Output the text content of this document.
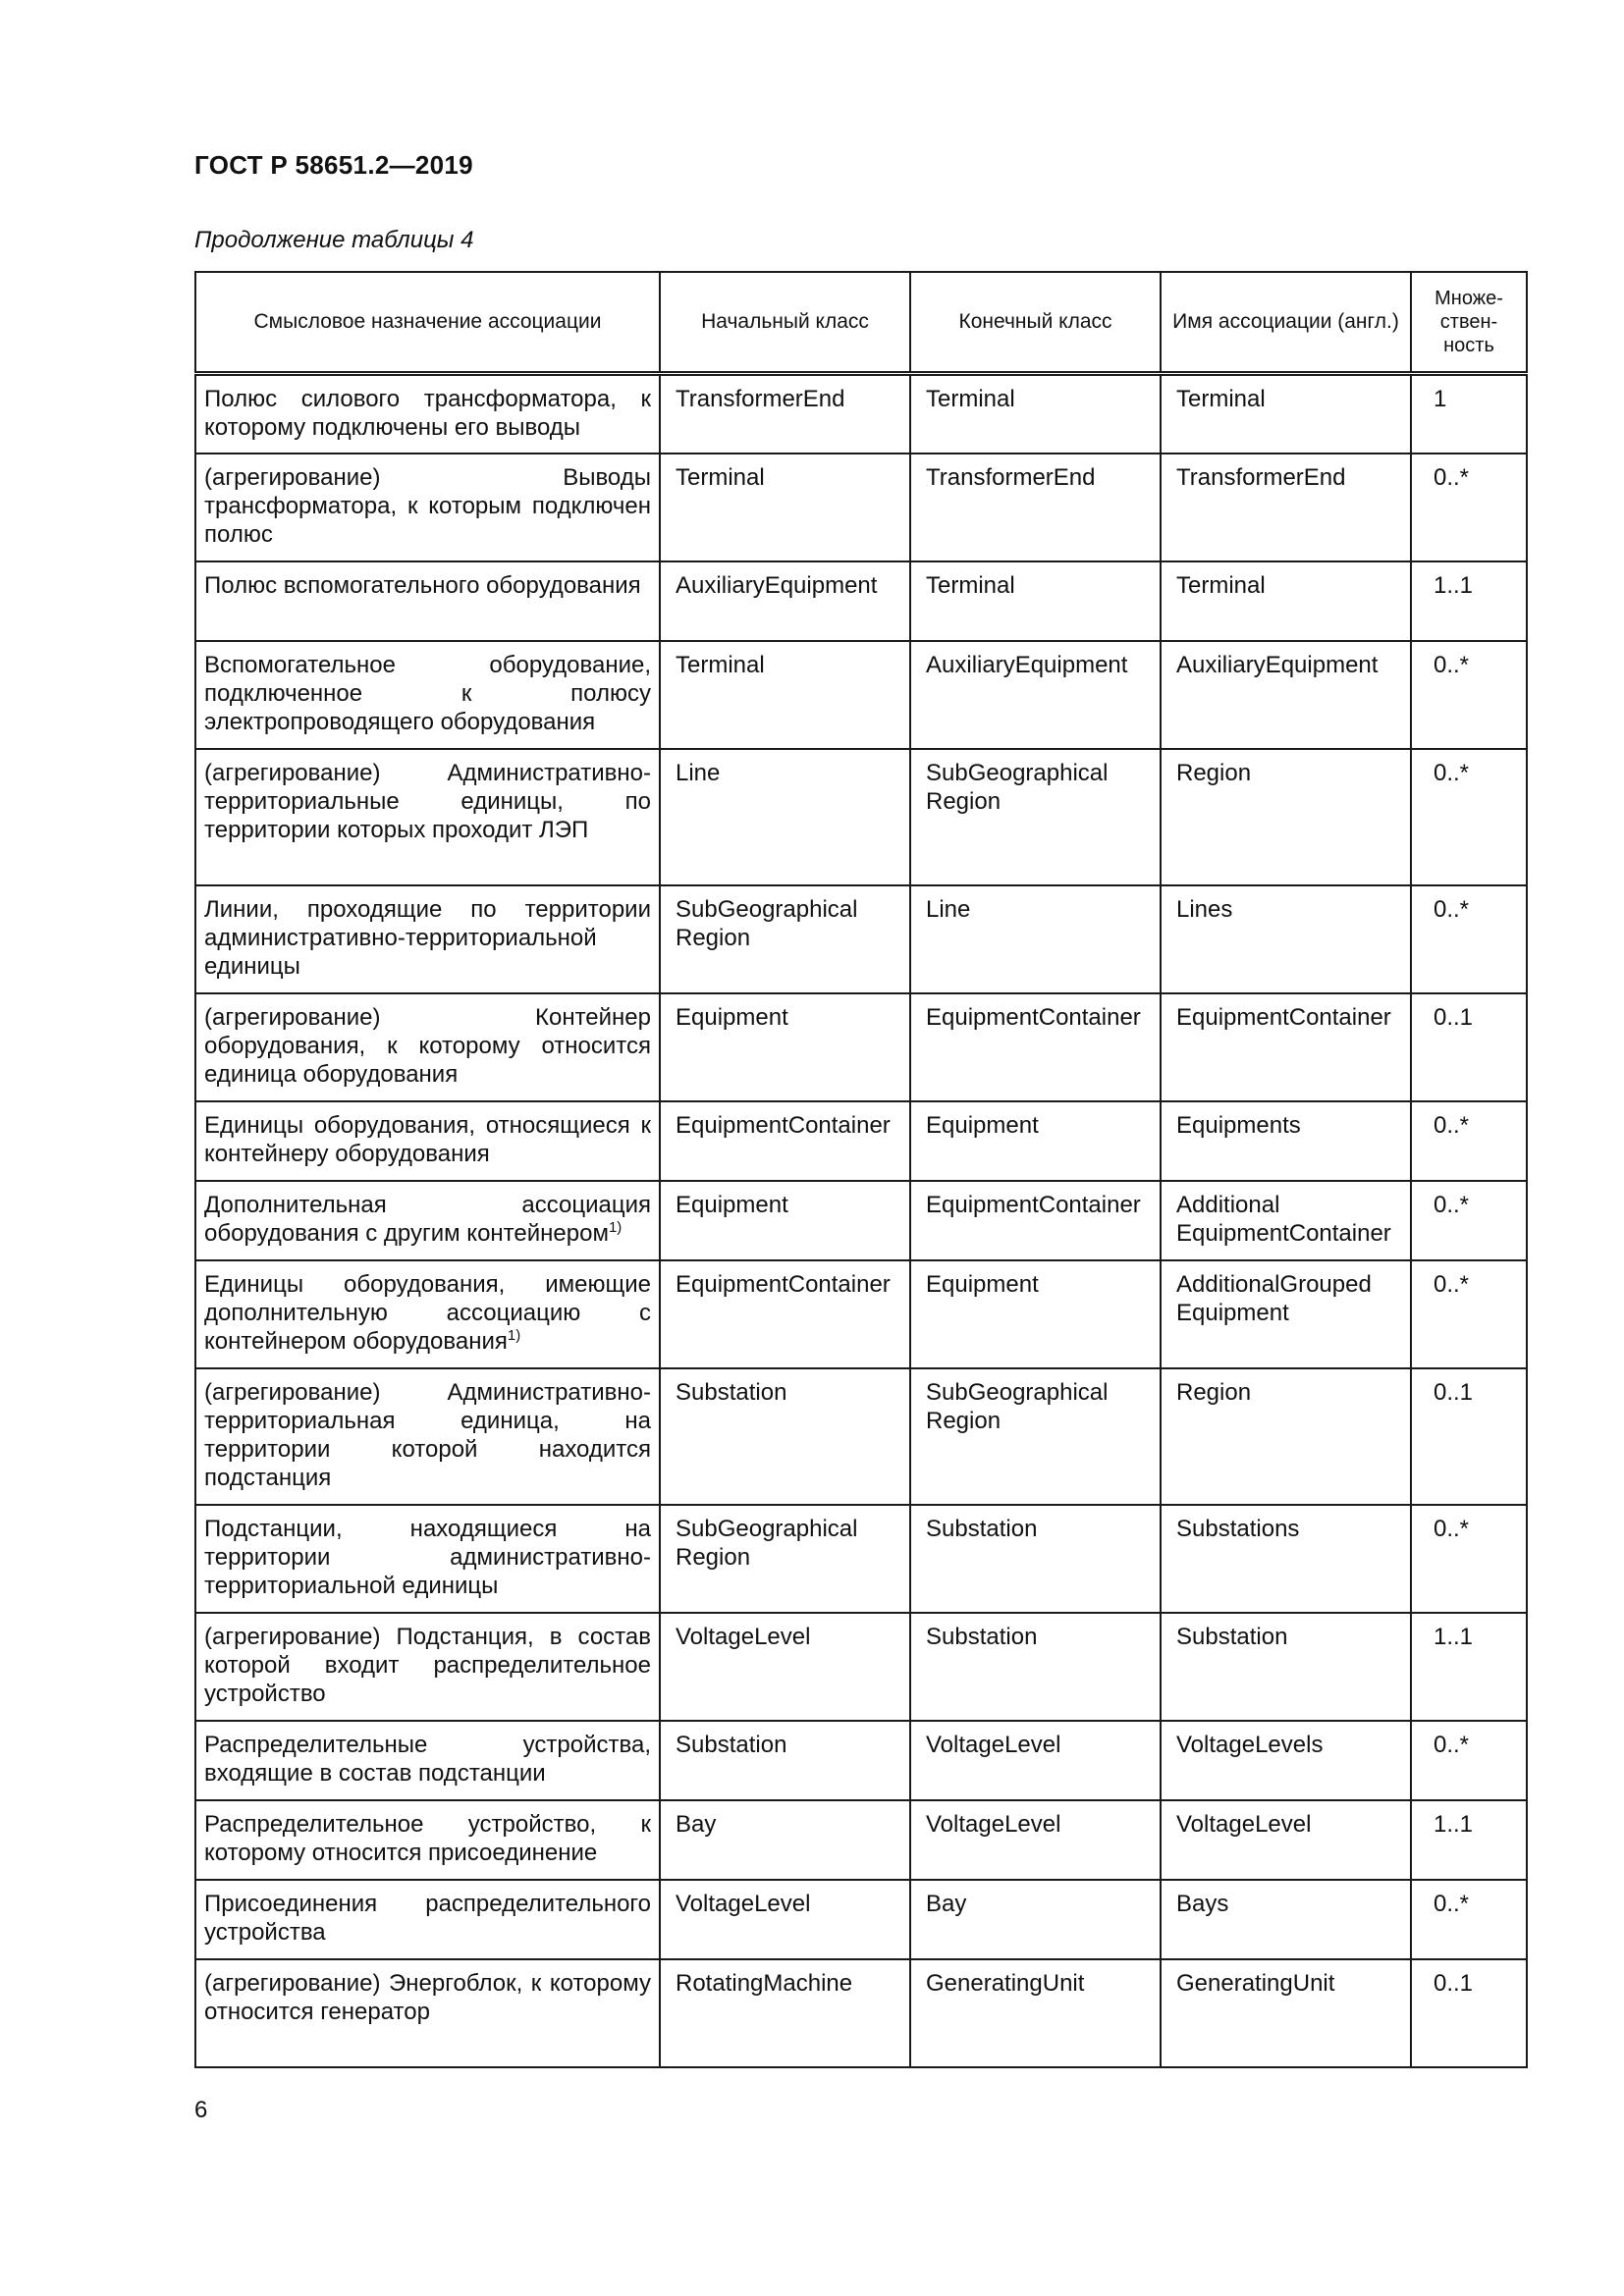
ГОСТ Р 58651.2—2019
Продолжение таблицы 4
Смысловое назначение ассоциации	Начальный класс	Конечный класс	Имя ассоциации (англ.)	Множе-ствен-ность
Полюс силового трансформатора, к которому подключены его выводы	TransformerEnd	Terminal	Terminal	1
(агрегирование) Выводы трансформатора, к которым подключен полюс	Terminal	TransformerEnd	TransformerEnd	0..*
Полюс вспомогательного оборудования	AuxiliaryEquipment	Terminal	Terminal	1..1
Вспомогательное оборудование, подключенное к полюсу электропроводящего оборудования	Terminal	AuxiliaryEquipment	AuxiliaryEquipment	0..*
(агрегирование) Административно-территориальные единицы, по территории которых проходит ЛЭП	Line	SubGeographical Region	Region	0..*
Линии, проходящие по территории административно-территориальной единицы	SubGeographical Region	Line	Lines	0..*
(агрегирование) Контейнер оборудования, к которому относится единица оборудования	Equipment	EquipmentContainer	EquipmentContainer	0..1
Единицы оборудования, относящиеся к контейнеру оборудования	EquipmentContainer	Equipment	Equipments	0..*
Дополнительная ассоциация оборудования с другим контейнером$^{1)}$	Equipment	EquipmentContainer	Additional EquipmentContainer	0..*
Единицы оборудования, имеющие дополнительную ассоциацию с контейнером оборудования$^{1)}$	EquipmentContainer	Equipment	AdditionalGrouped Equipment	0..*
(агрегирование) Административно-территориальная единица, на территории которой находится подстанция	Substation	SubGeographical Region	Region	0..1
Подстанции, находящиеся на территории административно-территориальной единицы	SubGeographical Region	Substation	Substations	0..*
(агрегирование) Подстанция, в состав которой входит распределительное устройство	VoltageLevel	Substation	Substation	1..1
Распределительные устройства, входящие в состав подстанции	Substation	VoltageLevel	VoltageLevels	0..*
Распределительное устройство, к которому относится присоединение	Bay	VoltageLevel	VoltageLevel	1..1
Присоединения распределительного устройства	VoltageLevel	Bay	Bays	0..*
(агрегирование) Энергоблок, к которому относится генератор	RotatingMachine	GeneratingUnit	GeneratingUnit	0..1
6
